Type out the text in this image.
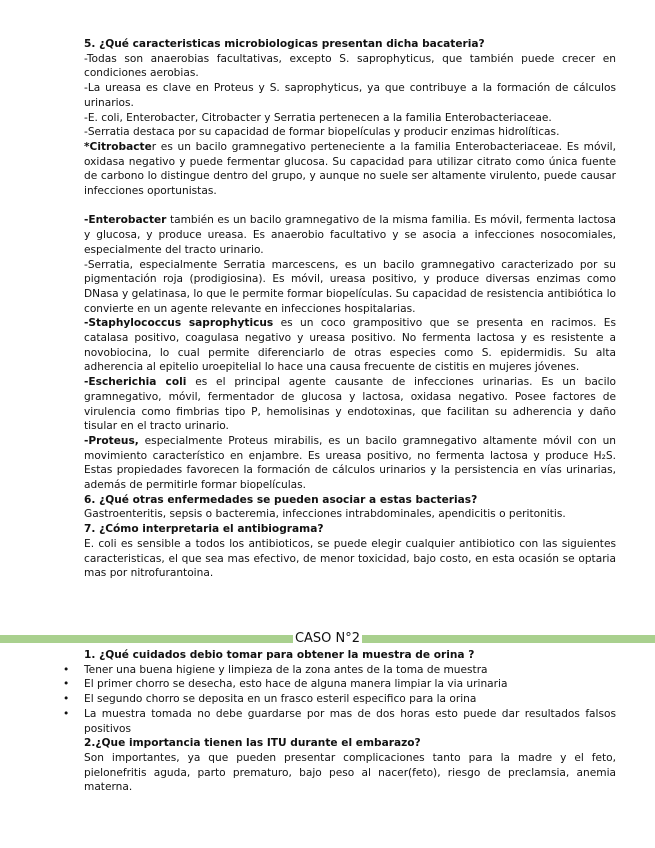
5. ¿Qué caracteristicas microbiologicas presentan dicha bacateria?

-Todas son anaerobias facultativas, excepto S. saprophyticus, que también puede crecer en condiciones aerobias.

-La ureasa es clave en Proteus y S. saprophyticus, ya que contribuye a la formación de cálculos urinarios.

-E. coli, Enterobacter, Citrobacter y Serratia pertenecen a la familia Enterobacteriaceae.

-Serratia destaca por su capacidad de formar biopelículas y producir enzimas hidrolíticas.

*Citrobacter es un bacilo gramnegativo perteneciente a la familia Enterobacteriaceae. Es móvil, oxidasa negativo y puede fermentar glucosa. Su capacidad para utilizar citrato como única fuente de carbono lo distingue dentro del grupo, y aunque no suele ser altamente virulento, puede causar infecciones oportunistas.

-Enterobacter también es un bacilo gramnegativo de la misma familia. Es móvil, fermenta lactosa y glucosa, y produce ureasa. Es anaerobio facultativo y se asocia a infecciones nosocomiales, especialmente del tracto urinario.

-Serratia, especialmente Serratia marcescens, es un bacilo gramnegativo caracterizado por su pigmentación roja (prodigiosina). Es móvil, ureasa positivo, y produce diversas enzimas como DNasa y gelatinasa, lo que le permite formar biopelículas. Su capacidad de resistencia antibiótica lo convierte en un agente relevante en infecciones hospitalarias.

-Staphylococcus saprophyticus es un coco grampositivo que se presenta en racimos. Es catalasa positivo, coagulasa negativo y ureasa positivo. No fermenta lactosa y es resistente a novobiocina, lo cual permite diferenciarlo de otras especies como S. epidermidis. Su alta adherencia al epitelio uroepitelial lo hace una causa frecuente de cistitis en mujeres jóvenes.

-Escherichia coli es el principal agente causante de infecciones urinarias. Es un bacilo gramnegativo, móvil, fermentador de glucosa y lactosa, oxidasa negativo. Posee factores de virulencia como fimbrias tipo P, hemolisinas y endotoxinas, que facilitan su adherencia y daño tisular en el tracto urinario.

-Proteus, especialmente Proteus mirabilis, es un bacilo gramnegativo altamente móvil con un movimiento característico en enjambre. Es ureasa positivo, no fermenta lactosa y produce H₂S. Estas propiedades favorecen la formación de cálculos urinarios y la persistencia en vías urinarias, además de permitirle formar biopelículas.

6. ¿Qué otras enfermedades se pueden asociar a estas bacterias?

Gastroenteritis, sepsis o bacteremia, infecciones intrabdominales, apendicitis o peritonitis.

7. ¿Cómo interpretaria el antibiograma?

E. coli es sensible a todos los antibioticos, se puede elegir cualquier antibiotico con las siguientes caracteristicas, el que sea mas efectivo, de menor toxicidad, bajo costo, en esta ocasión se optaria mas por nitrofurantoina.

CASO N°2

1. ¿Qué cuidados debio tomar para obtener la muestra de orina ?

• Tener una buena higiene y limpieza de la zona antes de la toma de muestra
• El primer chorro se desecha, esto hace de alguna manera limpiar la via urinaria
• El segundo chorro se deposita en un frasco esteril especifico para la orina
• La muestra tomada no debe guardarse por mas de dos horas esto puede dar resultados falsos positivos

2.¿Que importancia tienen las ITU durante el embarazo?

Son importantes, ya que pueden presentar complicaciones tanto para la madre y el feto, pielonefritis aguda, parto prematuro, bajo peso al nacer(feto), riesgo de preclamsia, anemia materna.
